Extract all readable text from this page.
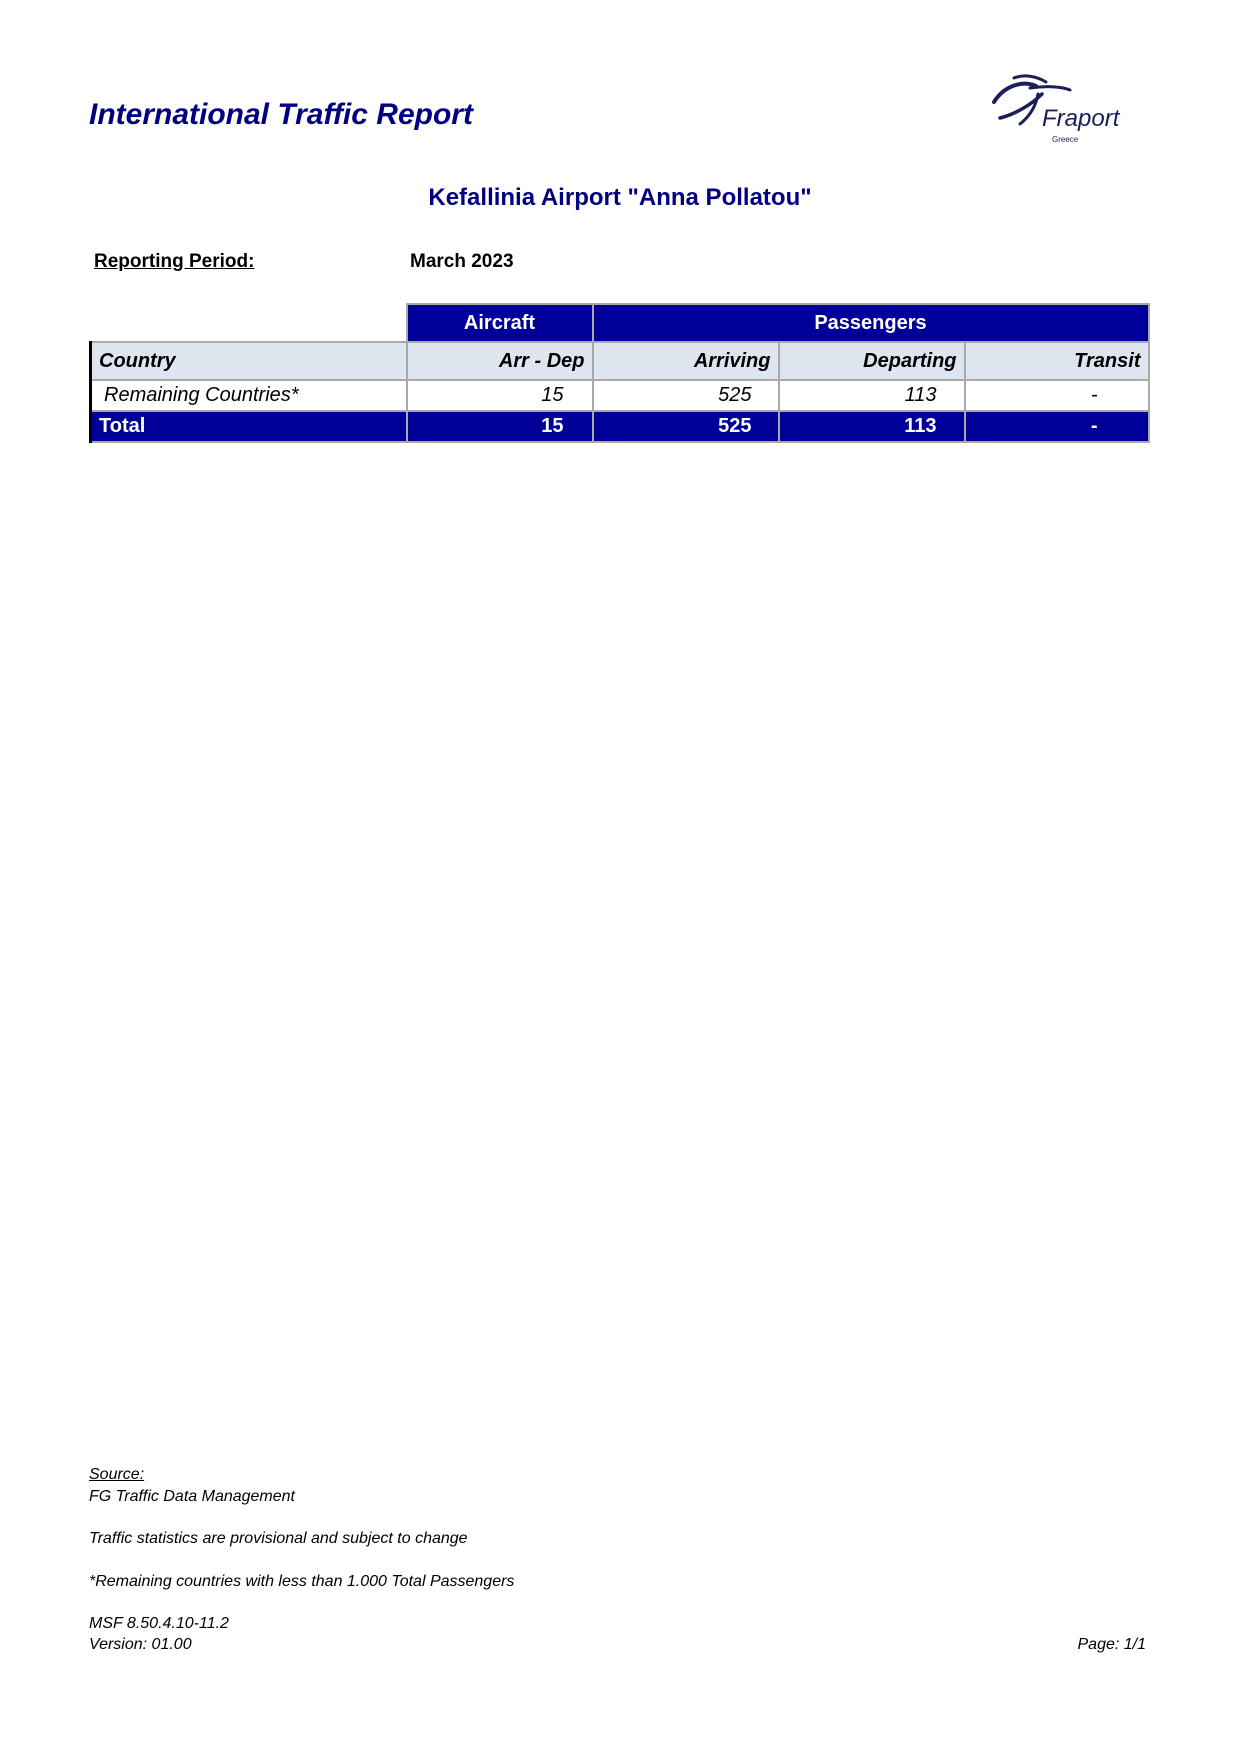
International Traffic Report	Fraport
Greece
Kefallinia Airport "Anna Pollatou"
Reporting Period:	March 2023
	Aircraft	Passengers		
Country	Arr - Dep	Arriving	Departing	Transit
Remaining Countries*	15	525	113	-
Total	15	525	113	-
Source:
FG Traffic Data Management
Traffic statistics are provisional and subject to change
*Remaining countries with less than 1.000 Total Passengers
MSF 8.50.4.10-11.2
Version: 01.00	Page: 1/1
